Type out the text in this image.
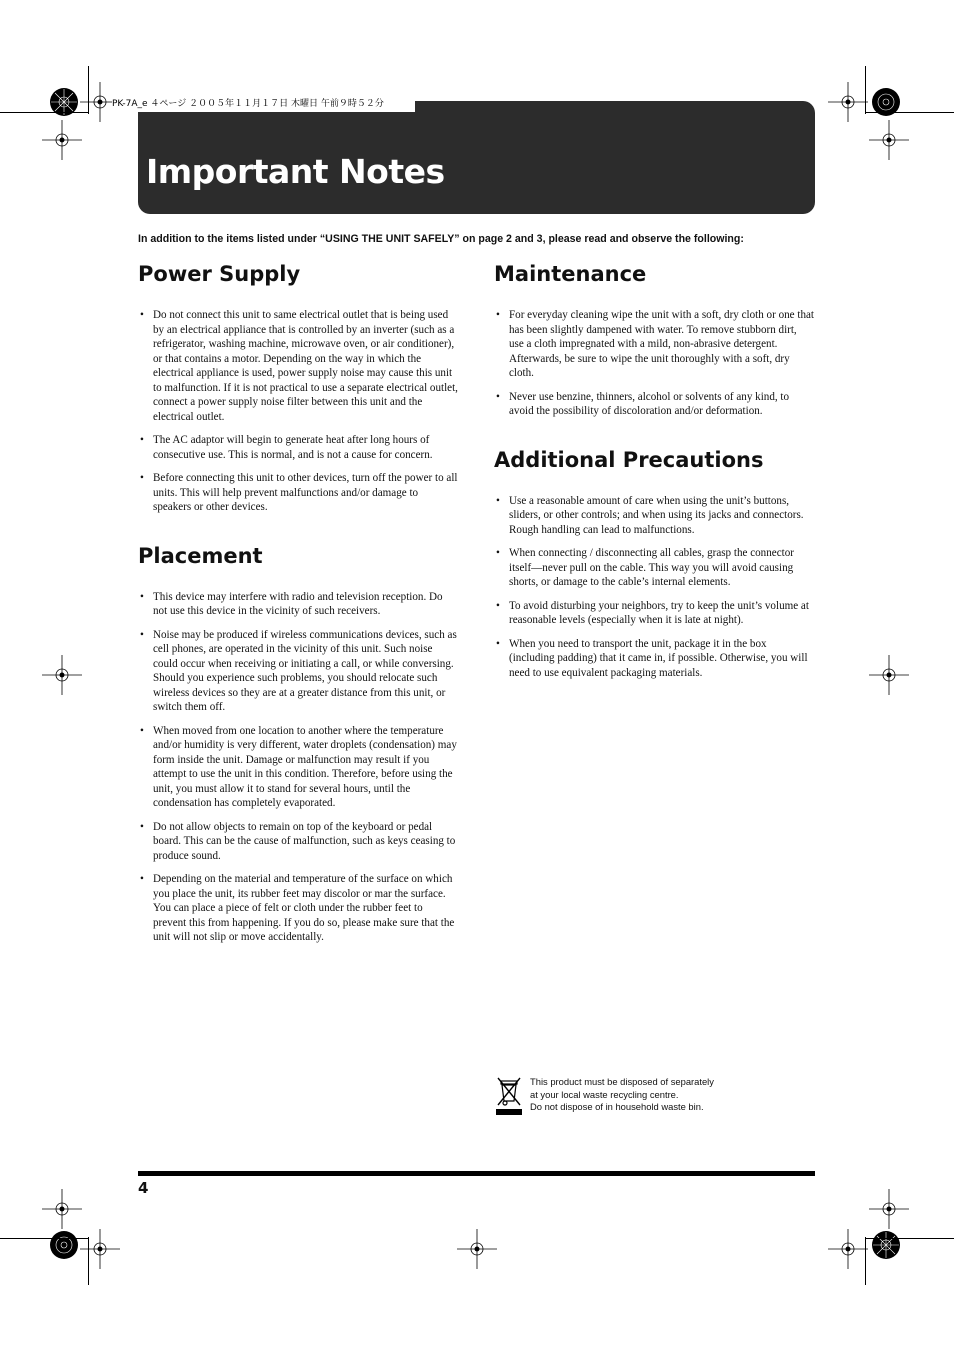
PK-7A_e ４ページ ２００５年１１月１７日 木曜日 午前９時５２分
Important Notes
In addition to the items listed under “USING THE UNIT SAFELY” on page 2 and 3, please read and observe the following:
Power Supply
• Do not connect this unit to same electrical outlet that is being used by an electrical appliance that is controlled by an inverter (such as a refrigerator, washing machine, microwave oven, or air conditioner), or that contains a motor. Depending on the way in which the electrical appliance is used, power supply noise may cause this unit to malfunction. If it is not practical to use a separate electrical outlet, connect a power supply noise filter between this unit and the electrical outlet.
• The AC adaptor will begin to generate heat after long hours of consecutive use. This is normal, and is not a cause for concern.
• Before connecting this unit to other devices, turn off the power to all units. This will help prevent malfunctions and/or damage to speakers or other devices.
Placement
• This device may interfere with radio and television reception. Do not use this device in the vicinity of such receivers.
• Noise may be produced if wireless communications devices, such as cell phones, are operated in the vicinity of this unit. Such noise could occur when receiving or initiating a call, or while conversing. Should you experience such problems, you should relocate such wireless devices so they are at a greater distance from this unit, or switch them off.
• When moved from one location to another where the temperature and/or humidity is very different, water droplets (condensation) may form inside the unit. Damage or malfunction may result if you attempt to use the unit in this condition. Therefore, before using the unit, you must allow it to stand for several hours, until the condensation has completely evaporated.
• Do not allow objects to remain on top of the keyboard or pedal board. This can be the cause of malfunction, such as keys ceasing to produce sound.
• Depending on the material and temperature of the surface on which you place the unit, its rubber feet may discolor or mar the surface.
You can place a piece of felt or cloth under the rubber feet to prevent this from happening. If you do so, please make sure that the unit will not slip or move accidentally.
Maintenance
• For everyday cleaning wipe the unit with a soft, dry cloth or one that has been slightly dampened with water. To remove stubborn dirt, use a cloth impregnated with a mild, non-abrasive detergent. Afterwards, be sure to wipe the unit thoroughly with a soft, dry cloth.
• Never use benzine, thinners, alcohol or solvents of any kind, to avoid the possibility of discoloration and/or deformation.
Additional Precautions
• Use a reasonable amount of care when using the unit’s buttons, sliders, or other controls; and when using its jacks and connectors. Rough handling can lead to malfunctions.
• When connecting / disconnecting all cables, grasp the connector itself—never pull on the cable. This way you will avoid causing shorts, or damage to the cable’s internal elements.
• To avoid disturbing your neighbors, try to keep the unit’s volume at reasonable levels (especially when it is late at night).
• When you need to transport the unit, package it in the box (including padding) that it came in, if possible. Otherwise, you will need to use equivalent packaging materials.
This product must be disposed of separately
at your local waste recycling centre.
Do not dispose of in household waste bin.
4
